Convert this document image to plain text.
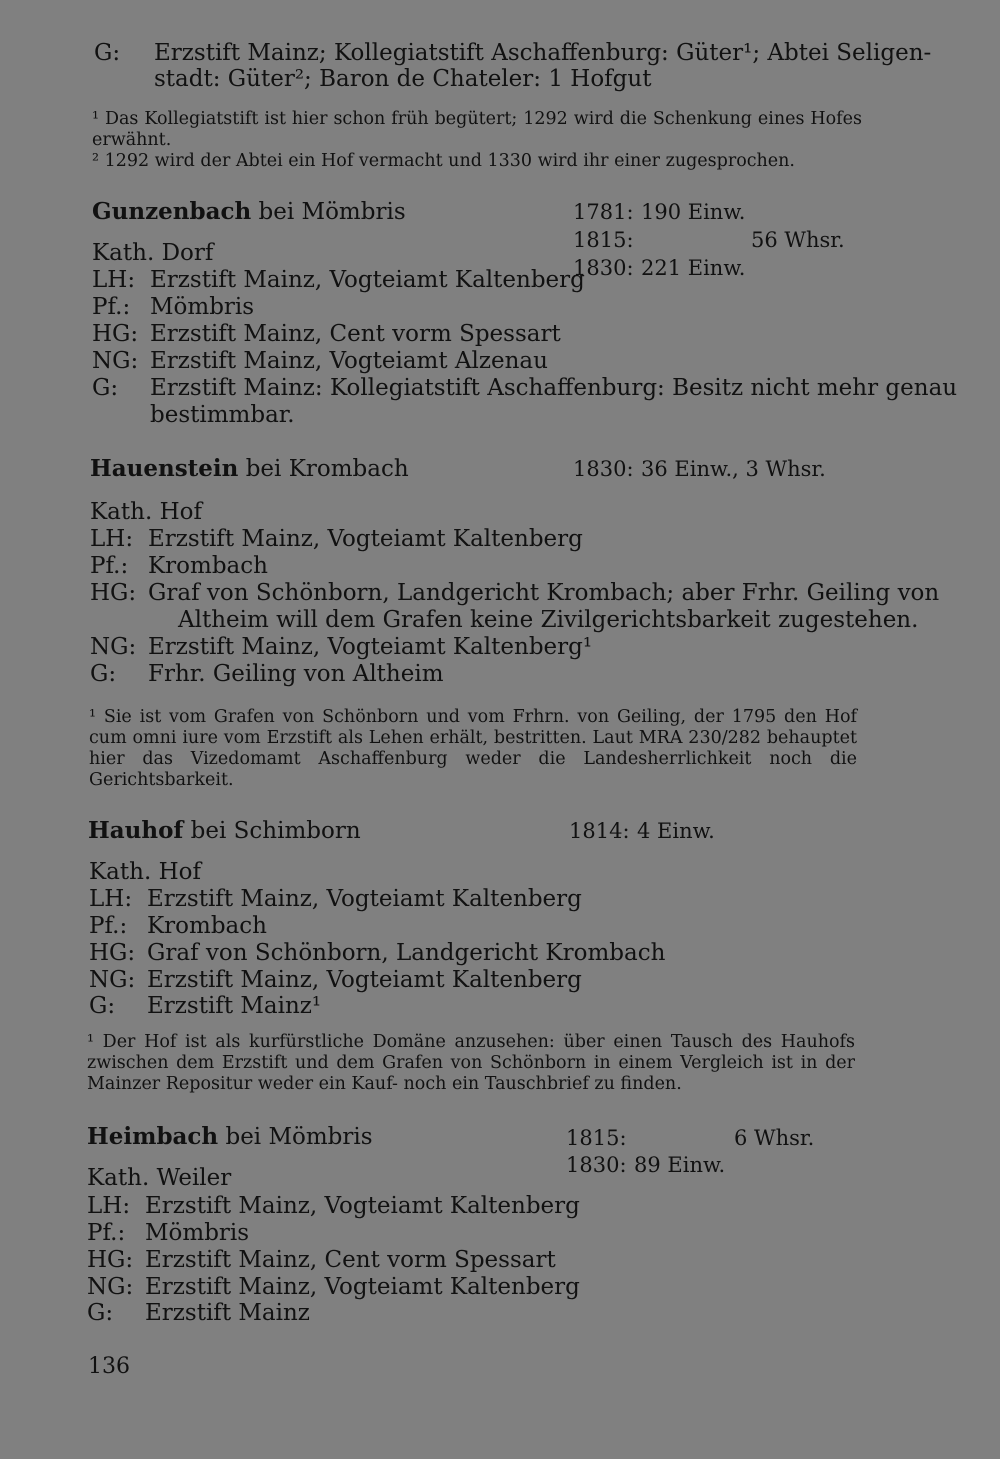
G: Erzstift Mainz; Kollegiatstift Aschaffenburg: Güter¹; Abtei Seligen-
stadt: Güter²; Baron de Chateler: 1 Hofgut
¹ Das Kollegiatstift ist hier schon früh begütert; 1292 wird die Schenkung eines Hofes erwähnt.
² 1292 wird der Abtei ein Hof vermacht und 1330 wird ihr einer zugesprochen.
Gunzenbach bei Mömbris	1781: 190 Einw.
1815:	56 Whsr.
1830: 221 Einw.
Kath. Dorf
LH: Erzstift Mainz, Vogteiamt Kaltenberg
Pf.: Mömbris
HG: Erzstift Mainz, Cent vorm Spessart
NG: Erzstift Mainz, Vogteiamt Alzenau
G: Erzstift Mainz: Kollegiatstift Aschaffenburg: Besitz nicht mehr genau
bestimmbar.
Hauenstein bei Krombach	1830: 36 Einw., 3 Whsr.
Kath. Hof
LH: Erzstift Mainz, Vogteiamt Kaltenberg
Pf.: Krombach
HG: Graf von Schönborn, Landgericht Krombach; aber Frhr. Geiling von
Altheim will dem Grafen keine Zivilgerichtsbarkeit zugestehen.
NG: Erzstift Mainz, Vogteiamt Kaltenberg¹
G: Frhr. Geiling von Altheim
¹ Sie ist vom Grafen von Schönborn und vom Frhrn. von Geiling, der 1795 den Hof cum omni iure vom Erzstift als Lehen erhält, bestritten. Laut MRA 230/282 behauptet hier das Vizedomamt Aschaffenburg weder die Landesherrlichkeit noch die Gerichtsbarkeit.
Hauhof bei Schimborn	1814: 4 Einw.
Kath. Hof
LH: Erzstift Mainz, Vogteiamt Kaltenberg
Pf.: Krombach
HG: Graf von Schönborn, Landgericht Krombach
NG: Erzstift Mainz, Vogteiamt Kaltenberg
G: Erzstift Mainz¹
¹ Der Hof ist als kurfürstliche Domäne anzusehen: über einen Tausch des Hauhofs zwischen dem Erzstift und dem Grafen von Schönborn in einem Vergleich ist in der Mainzer Repositur weder ein Kauf- noch ein Tauschbrief zu finden.
Heimbach bei Mömbris	1815:	6 Whsr.
1830: 89 Einw.
Kath. Weiler
LH: Erzstift Mainz, Vogteiamt Kaltenberg
Pf.: Mömbris
HG: Erzstift Mainz, Cent vorm Spessart
NG: Erzstift Mainz, Vogteiamt Kaltenberg
G: Erzstift Mainz
136
